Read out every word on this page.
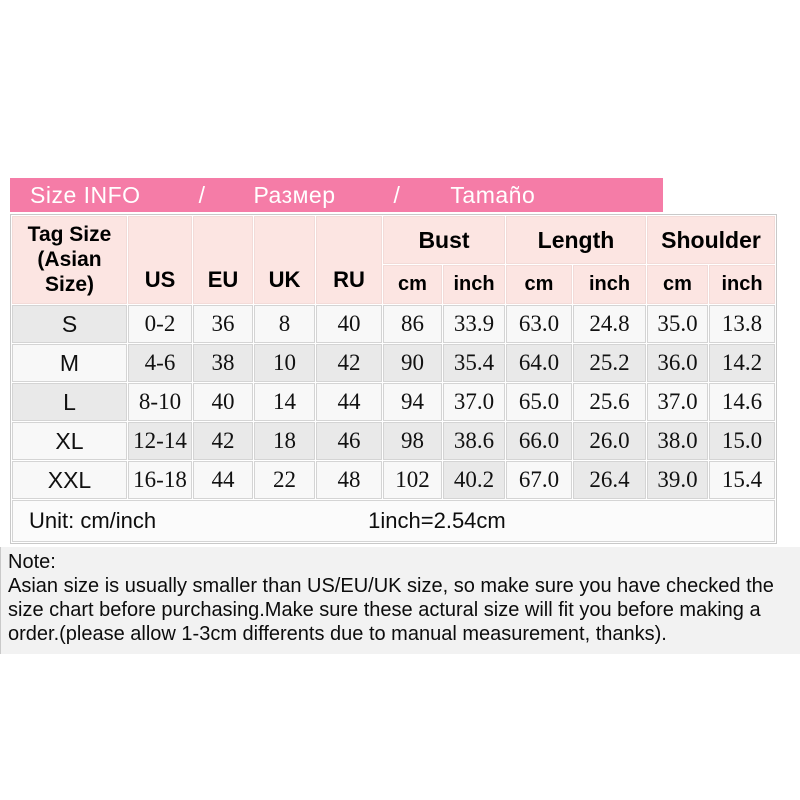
Size INFO	/ Размер	/ Tamaño
Tag Size
(Asian Size)	US	EU	UK	RU	Bust		Length		Shoulder	
					cm	inch	cm	inch	cm	inch
S	0-2	36	8	40	86	33.9	63.0	24.8	35.0	13.8
M	4-6	38	10	42	90	35.4	64.0	25.2	36.0	14.2
L	8-10	40	14	44	94	37.0	65.0	25.6	37.0	14.6
XL	12-14	42	18	46	98	38.6	66.0	26.0	38.0	15.0
XXL	16-18	44	22	48	102	40.2	67.0	26.4	39.0	15.4

Unit: cm/inch 1inch=2.54cm										
Note:
Asian size is usually smaller than US/EU/UK size, so make sure you have checked the size chart before purchasing.Make sure these actural size will fit you before making a order.(please allow 1-3cm differents due to manual measurement, thanks).
